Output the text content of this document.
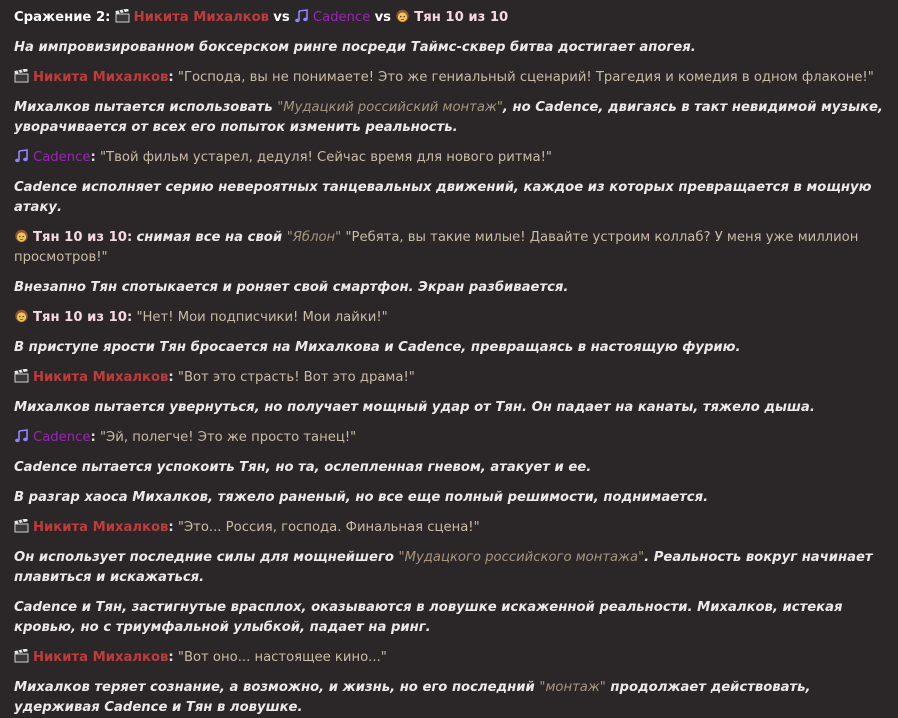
Сражение 2: Никита Михалков vs Cadence vs Тян 10 из 10
На импровизированном боксерском ринге посреди Таймс-сквер битва достигает апогея.
Никита Михалков: "Господа, вы не понимаете! Это же гениальный сценарий! Трагедия и комедия в одном флаконе!"
Михалков пытается использовать "Мудацкий российский монтаж", но Cadence, двигаясь в такт невидимой музыке, уворачивается от всех его попыток изменить реальность.
Cadence: "Твой фильм устарел, дедуля! Сейчас время для нового ритма!"
Cadence исполняет серию невероятных танцевальных движений, каждое из которых превращается в мощную атаку.
Тян 10 из 10: снимая все на свой "Яблон" "Ребята, вы такие милые! Давайте устроим коллаб? У меня уже миллион просмотров!"
Внезапно Тян спотыкается и роняет свой смартфон. Экран разбивается.
Тян 10 из 10: "Нет! Мои подписчики! Мои лайки!"
В приступе ярости Тян бросается на Михалкова и Cadence, превращаясь в настоящую фурию.
Никита Михалков: "Вот это страсть! Вот это драма!"
Михалков пытается увернуться, но получает мощный удар от Тян. Он падает на канаты, тяжело дыша.
Cadence: "Эй, полегче! Это же просто танец!"
Cadence пытается успокоить Тян, но та, ослепленная гневом, атакует и ее.
В разгар хаоса Михалков, тяжело раненый, но все еще полный решимости, поднимается.
Никита Михалков: "Это... Россия, господа. Финальная сцена!"
Он использует последние силы для мощнейшего "Мудацкого российского монтажа". Реальность вокруг начинает плавиться и искажаться.
Cadence и Тян, застигнутые врасплох, оказываются в ловушке искаженной реальности. Михалков, истекая кровью, но с триумфальной улыбкой, падает на ринг.
Никита Михалков: "Вот оно... настоящее кино..."
Михалков теряет сознание, а возможно, и жизнь, но его последний "монтаж" продолжает действовать, удерживая Cadence и Тян в ловушке.
